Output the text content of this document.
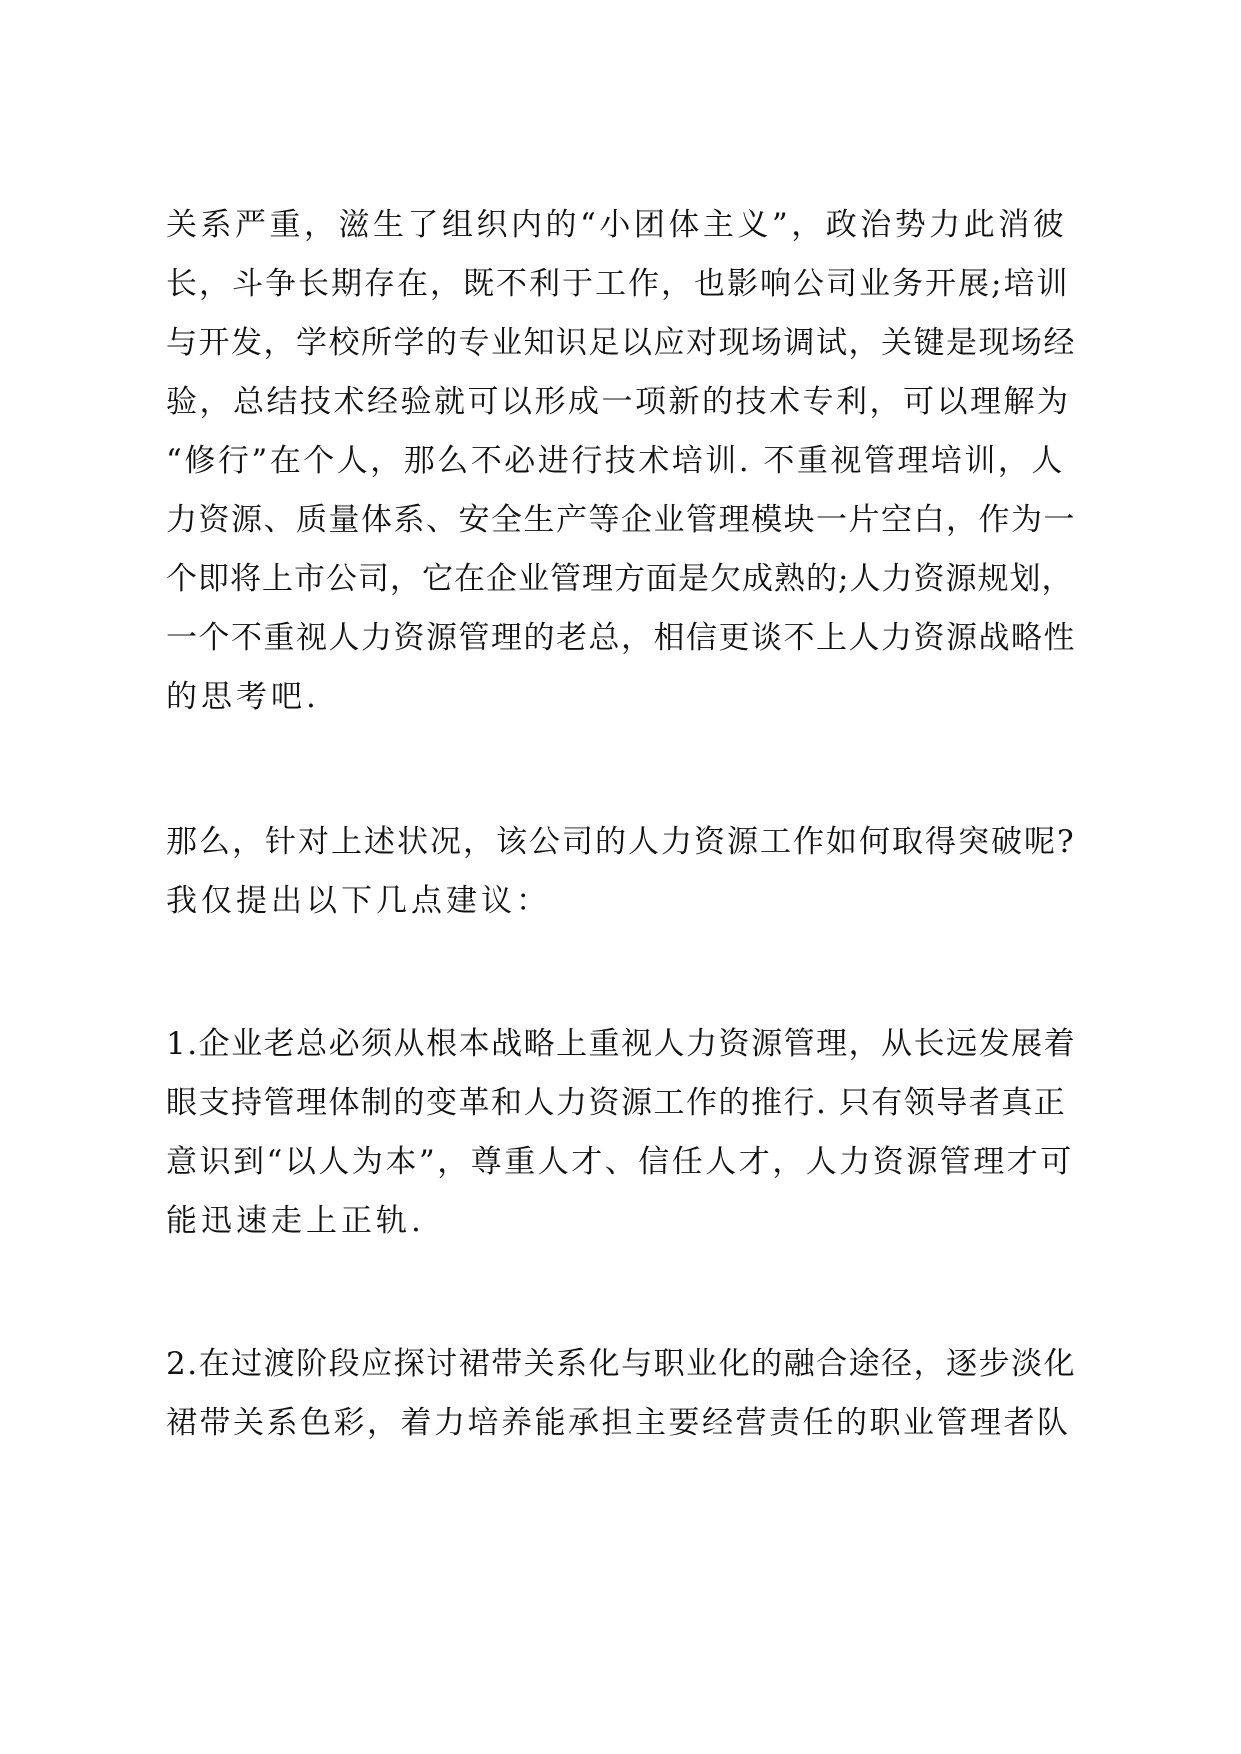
关系严重，滋生了组织内的“小团体主义”，政治势力此消彼
长，斗争长期存在，既不利于工作，也影响公司业务开展;培训
与开发，学校所学的专业知识足以应对现场调试，关键是现场经
验，总结技术经验就可以形成一项新的技术专利，可以理解为
“修行”在个人，那么不必进行技术培训. 不重视管理培训，人
力资源、质量体系、安全生产等企业管理模块一片空白，作为一
个即将上市公司，它在企业管理方面是欠成熟的;人力资源规划，
一个不重视人力资源管理的老总，相信更谈不上人力资源战略性
的思考吧.
那么，针对上述状况，该公司的人力资源工作如何取得突破呢?
我仅提出以下几点建议：
1.企业老总必须从根本战略上重视人力资源管理，从长远发展着
眼支持管理体制的变革和人力资源工作的推行. 只有领导者真正
意识到“以人为本”，尊重人才、信任人才，人力资源管理才可
能迅速走上正轨.
2.在过渡阶段应探讨裙带关系化与职业化的融合途径，逐步淡化
裙带关系色彩，着力培养能承担主要经营责任的职业管理者队
